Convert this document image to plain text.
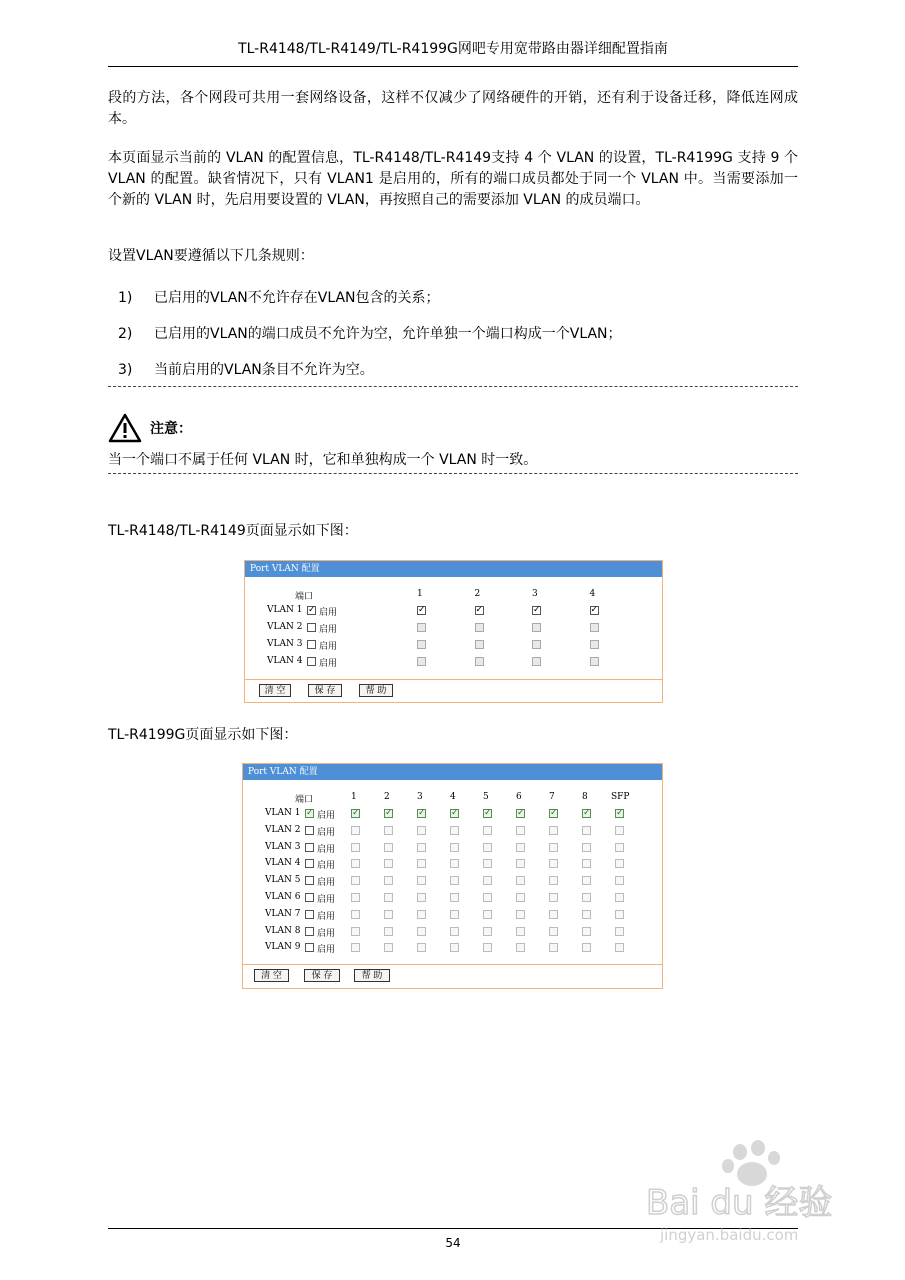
TL-R4148/TL-R4149/TL-R4199G网吧专用宽带路由器详细配置指南
段的方法，各个网段可共用一套网络设备，这样不仅减少了网络硬件的开销，还有利于设备迁移，降低连网成本。
本页面显示当前的 VLAN 的配置信息，TL-R4148/TL-R4149支持 4 个 VLAN 的设置，TL-R4199G 支持 9 个 VLAN 的配置。缺省情况下，只有 VLAN1 是启用的，所有的端口成员都处于同一个 VLAN 中。当需要添加一个新的 VLAN 时，先启用要设置的 VLAN，再按照自己的需要添加 VLAN 的成员端口。
设置VLAN要遵循以下几条规则：
1) 已启用的VLAN不允许存在VLAN包含的关系；
2) 已启用的VLAN的端口成员不允许为空，允许单独一个端口构成一个VLAN；
3) 当前启用的VLAN条目不允许为空。
注意：
当一个端口不属于任何 VLAN 时，它和单独构成一个 VLAN 时一致。
TL-R4148/TL-R4149页面显示如下图：
Port VLAN 配置
端口	1	2	3	4
VLAN 1 ✓ 启用	✓	✓	✓	✓
VLAN 2 启用
VLAN 3 启用
VLAN 4 启用
清 空	保 存	帮 助
TL-R4199G页面显示如下图：
Port VLAN 配置
端口	1	2	3	4	5	6	7	8	SFP
VLAN 1 ✓ 启用 ✓	✓	✓	✓	✓	✓	✓	✓	✓
VLAN 2 启用
VLAN 3 启用
VLAN 4 启用
VLAN 5 启用
VLAN 6 启用
VLAN 7 启用
VLAN 8 启用
VLAN 9 启用
清 空	保 存	帮 助
54
Bai du 经验
jingyan.baidu.com
